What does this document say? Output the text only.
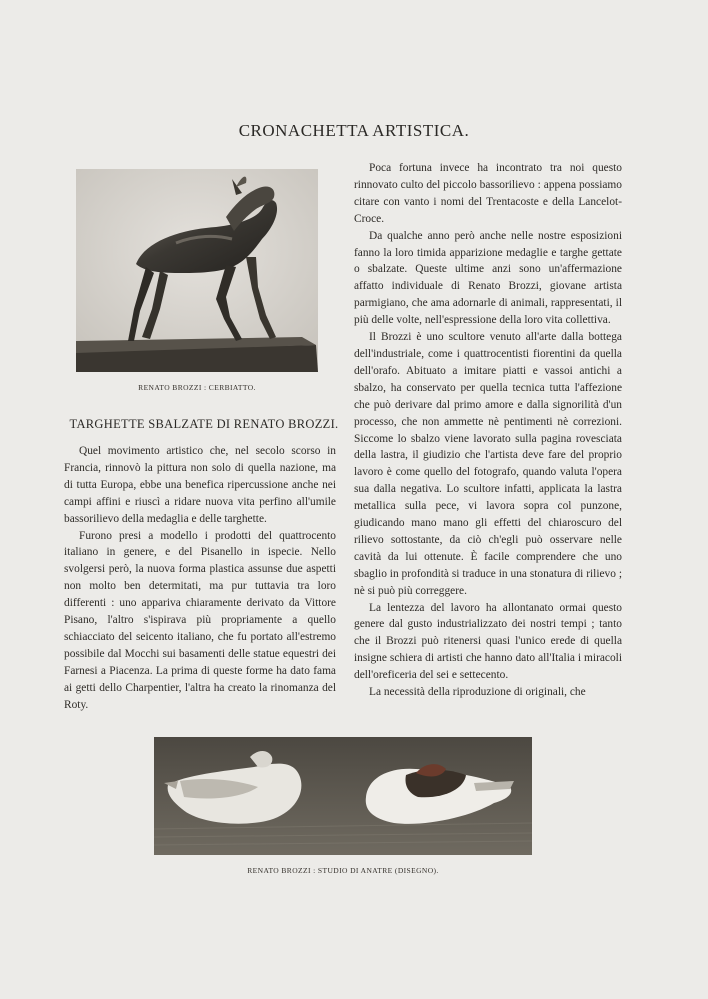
CRONACHETTA ARTISTICA.
RENATO BROZZI : CERBIATTO.
TARGHETTE SBALZATE DI RENATO BROZZI.

Quel movimento artistico che, nel secolo scorso in Francia, rinnovò la pittura non solo di quella nazione, ma di tutta Europa, ebbe una benefica ripercussione anche nei campi affini e riuscì a ridare nuova vita perfino all'umile bassorilievo della medaglia e delle targhette.

Furono presi a modello i prodotti del quattrocento italiano in genere, e del Pisanello in ispecie. Nello svolgersi però, la nuova forma plastica assunse due aspetti non molto ben determitati, ma pur tuttavia tra loro differenti : uno appariva chiaramente derivato da Vittore Pisano, l'altro s'ispirava più propriamente a quello schiacciato del seicento italiano, che fu portato all'estremo possibile dal Mocchi sui basamenti delle statue equestri dei Farnesi a Piacenza. La prima di queste forme ha dato fama ai getti dello Charpentier, l'altra ha creato la rinomanza del Roty.

Poca fortuna invece ha incontrato tra noi questo rinnovato culto del piccolo bassorilievo : appena possiamo citare con vanto i nomi del Trentacoste e della Lancelot-Croce.

Da qualche anno però anche nelle nostre esposizioni fanno la loro timida apparizione medaglie e targhe gettate o sbalzate. Queste ultime anzi sono un'affermazione affatto individuale di Renato Brozzi, giovane artista parmigiano, che ama adornarle di animali, rappresentati, il più delle volte, nell'espressione della loro vita collettiva.

Il Brozzi è uno scultore venuto all'arte dalla bottega dell'industriale, come i quattrocentisti fiorentini da quella dell'orafo. Abituato a imitare piatti e vassoi antichi a sbalzo, ha conservato per quella tecnica tutta l'affezione che può derivare dal primo amore e dalla signorilità d'un processo, che non ammette nè pentimenti nè correzioni. Siccome lo sbalzo viene lavorato sulla pagina rovesciata della lastra, il giudizio che l'artista deve fare del proprio lavoro è come quello del fotografo, quando valuta l'opera sua dalla negativa. Lo scultore infatti, applicata la lastra metallica sulla pece, vi lavora sopra col punzone, giudicando mano mano gli effetti del chiaroscuro del rilievo sottostante, da ciò ch'egli può osservare nelle cavità da lui ottenute. È facile comprendere che uno sbaglio in profondità si traduce in una stonatura di rilievo ; nè si può più correggere.

La lentezza del lavoro ha allontanato ormai questo genere dal gusto industrializzato dei nostri tempi ; tanto che il Brozzi può ritenersi quasi l'unico erede di quella insigne schiera di artisti che hanno dato all'Italia i miracoli dell'oreficeria del sei e settecento.

La necessità della riproduzione di originali, che

RENATO BROZZI : STUDIO DI ANATRE (DISEGNO).
